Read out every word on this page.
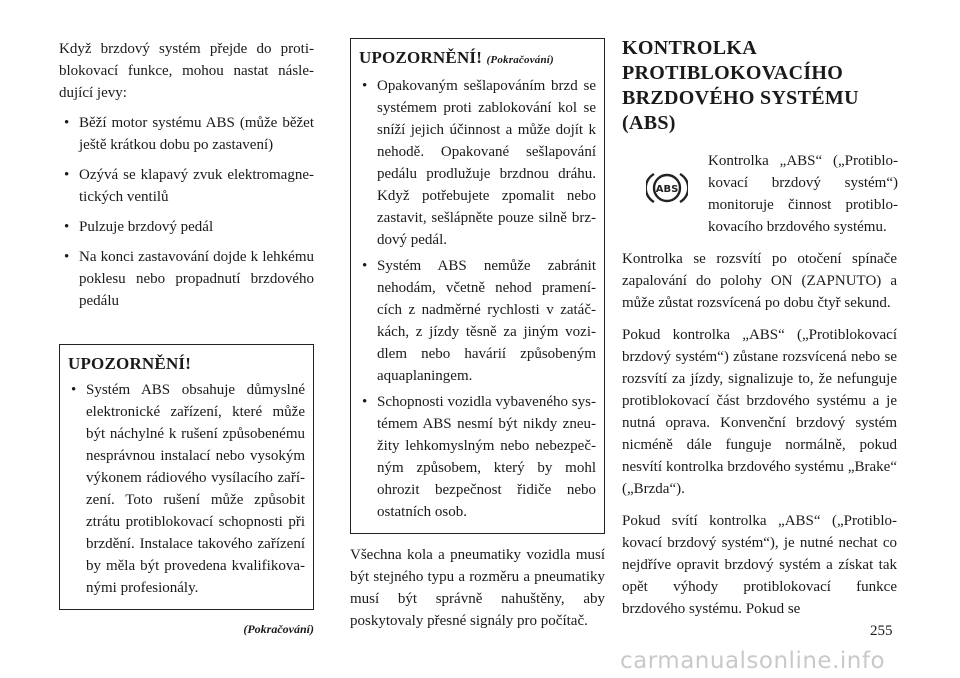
Když brzdový systém přejde do protiblokovací funkce, mohou nastat následující jevy:

• Běží motor systému ABS (může běžet ještě krátkou dobu po zastavení)
• Ozývá se klapavý zvuk elektromagnetických ventilů
• Pulzuje brzdový pedál
• Na konci zastavování dojde k lehkému poklesu nebo propadnutí brzdového pedálu
UPOZORNĚNÍ!
• Systém ABS obsahuje důmyslné elektronické zařízení, které může být náchylné k rušení způsobenému nesprávnou instalací nebo vysokým výkonem rádiového vysílacího zařízení. Toto rušení může způsobit ztrátu protiblokovací schopnosti při brzdění. Instalace takového zařízení by měla být provedena kvalifikovanými profesionály.
(Pokračování)
UPOZORNĚNÍ! (Pokračování)
• Opakovaným sešlapováním brzd se systémem proti zablokování kol se sníží jejich účinnost a může dojít k nehodě. Opakované sešlapování pedálu prodlužuje brzdnou dráhu. Když potřebujete zpomalit nebo zastavit, sešlápněte pouze silně brzdový pedál.
• Systém ABS nemůže zabránit nehodám, včetně nehod pramenících z nadměrné rychlosti v zatáčkách, z jízdy těsně za jiným vozidlem nebo havárií způsobeným aquaplaningem.
• Schopnosti vozidla vybaveného systémem ABS nesmí být nikdy zneužity lehkomyslným nebo nebezpečným způsobem, který by mohl ohrozit bezpečnost řidiče nebo ostatních osob.

Všechna kola a pneumatiky vozidla musí být stejného typu a rozměru a pneumatiky musí být správně nahuštěny, aby poskytovaly přesné signály pro počítač.

KONTROLKA PROTIBLOKOVACÍHO BRZDOVÉHO SYSTÉMU (ABS)
ABS
Kontrolka „ABS“ („Protiblokovací brzdový systém“) monitoruje činnost protiblokovacího brzdového systému.

Kontrolka se rozsvítí po otočení spínače zapalování do polohy ON (ZAPNUTO) a může zůstat rozsvícená po dobu čtyř sekund.

Pokud kontrolka „ABS“ („Protiblokovací brzdový systém“) zůstane rozsvícená nebo se rozsvítí za jízdy, signalizuje to, že nefunguje protiblokovací část brzdového systému a je nutná oprava. Konvenční brzdový systém nicméně dále funguje normálně, pokud nesvítí kontrolka brzdového systému „Brake“ („Brzda“).

Pokud svítí kontrolka „ABS“ („Protiblokovací brzdový systém“), je nutné nechat co nejdříve opravit brzdový systém a získat tak opět výhody protiblokovací funkce brzdového systému. Pokud se

255
carmanualsonline.info
